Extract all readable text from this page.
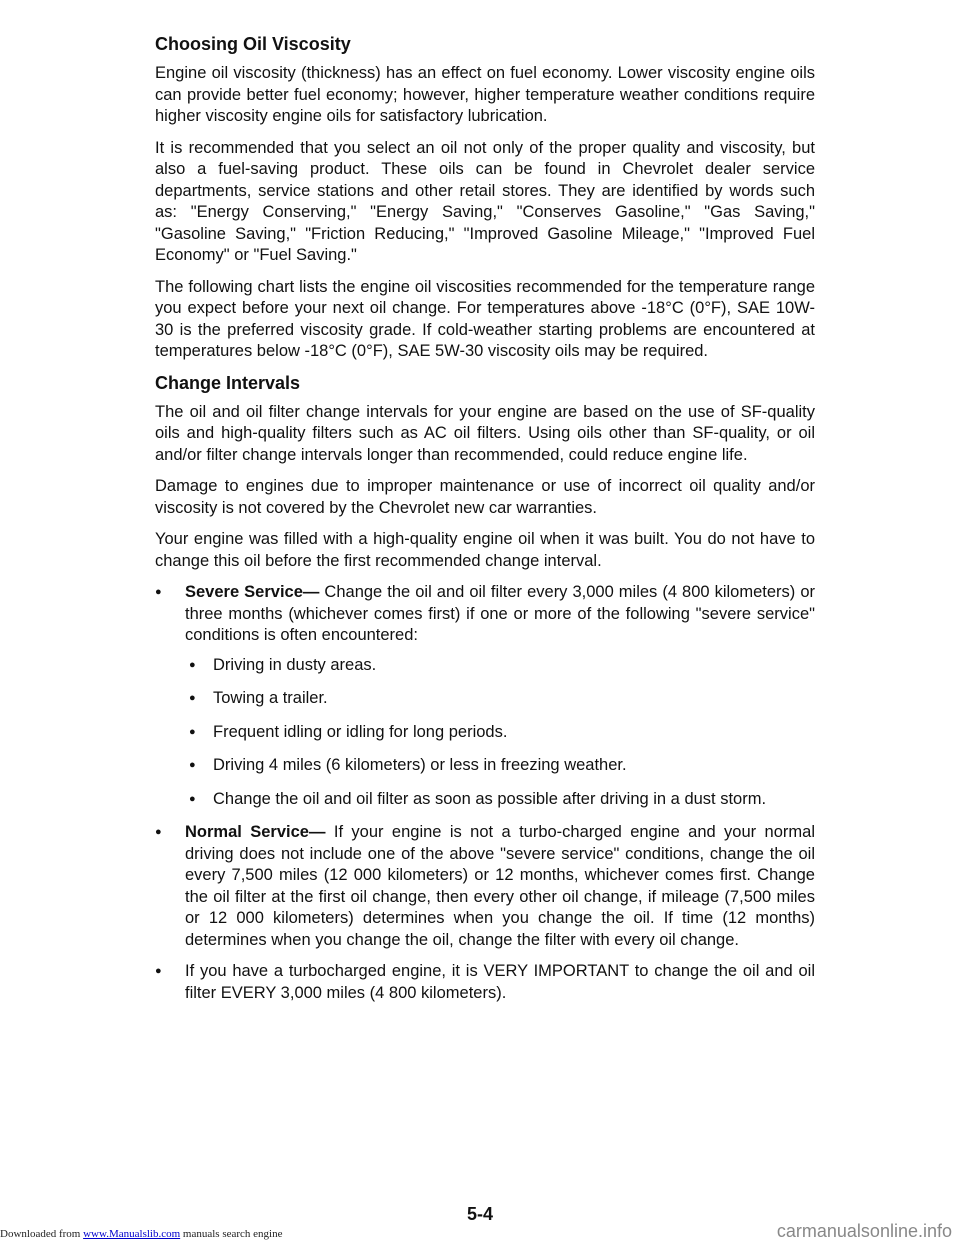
Choosing Oil Viscosity

Engine oil viscosity (thickness) has an effect on fuel economy. Lower viscosity engine oils can provide better fuel economy; however, higher temperature weather conditions require higher viscosity engine oils for satisfactory lubrication.

It is recommended that you select an oil not only of the proper quality and viscosity, but also a fuel-saving product. These oils can be found in Chevrolet dealer service departments, service stations and other retail stores. They are identified by words such as: "Energy Conserving," "Energy Saving," "Conserves Gasoline," "Gas Saving," "Gasoline Saving," "Friction Reducing," "Improved Gasoline Mileage," "Improved Fuel Economy" or "Fuel Saving."

The following chart lists the engine oil viscosities recommended for the temperature range you expect before your next oil change. For temperatures above -18°C (0°F), SAE 10W-30 is the preferred viscosity grade. If cold-weather starting problems are encountered at temperatures below -18°C (0°F), SAE 5W-30 viscosity oils may be required.

Change Intervals

The oil and oil filter change intervals for your engine are based on the use of SF-quality oils and high-quality filters such as AC oil filters. Using oils other than SF-quality, or oil and/or filter change intervals longer than recommended, could reduce engine life.

Damage to engines due to improper maintenance or use of incorrect oil quality and/or viscosity is not covered by the Chevrolet new car warranties.

Your engine was filled with a high-quality engine oil when it was built. You do not have to change this oil before the first recommended change interval.

● Severe Service— Change the oil and oil filter every 3,000 miles (4 800 kilometers) or three months (whichever comes first) if one or more of the following "severe service" conditions is often encountered:
● Driving in dusty areas.
● Towing a trailer.
● Frequent idling or idling for long periods.
● Driving 4 miles (6 kilometers) or less in freezing weather.
● Change the oil and oil filter as soon as possible after driving in a dust storm.
● Normal Service— If your engine is not a turbo-charged engine and your normal driving does not include one of the above "severe service" conditions, change the oil every 7,500 miles (12 000 kilometers) or 12 months, whichever comes first. Change the oil filter at the first oil change, then every other oil change, if mileage (7,500 miles or 12 000 kilometers) determines when you change the oil. If time (12 months) determines when you change the oil, change the filter with every oil change.
● If you have a turbocharged engine, it is VERY IMPORTANT to change the oil and oil filter EVERY 3,000 miles (4 800 kilometers).
5-4
Downloaded from www.Manualslib.com manuals search engine	carmanualsonline.info
